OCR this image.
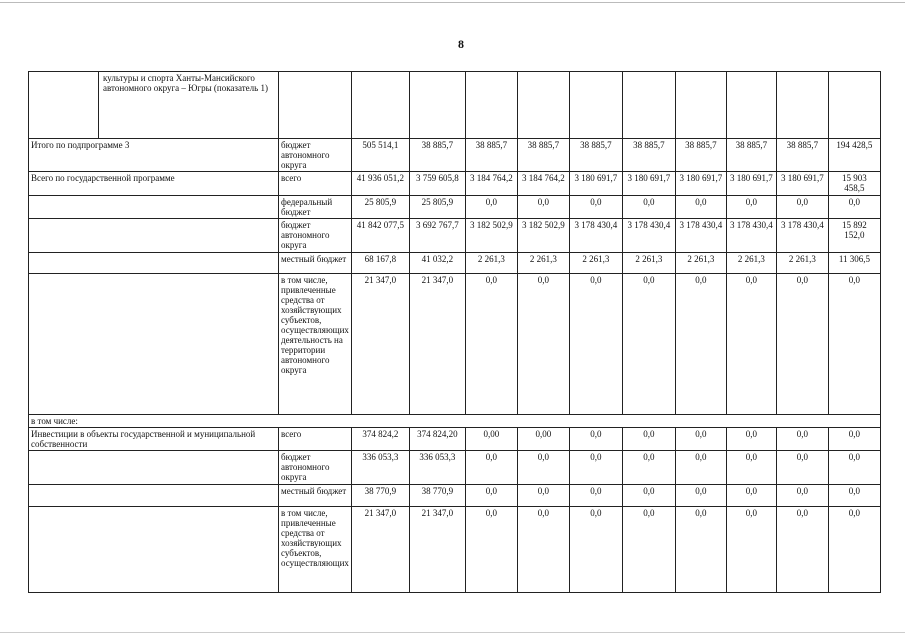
8
	культуры и спорта Ханты-Мансийского автономного округа – Югры (показатель 1)											
Итого по подпрограмме 3		бюджет автономного округа	505 514,1	38 885,7	38 885,7	38 885,7	38 885,7	38 885,7	38 885,7	38 885,7	38 885,7	194 428,5
Всего по государственной программе		всего	41 936 051,2	3 759 605,8	3 184 764,2	3 184 764,2	3 180 691,7	3 180 691,7	3 180 691,7	3 180 691,7	3 180 691,7	15 903 458,5
		федеральный бюджет	25 805,9	25 805,9	0,0	0,0	0,0	0,0	0,0	0,0	0,0	0,0
		бюджет автономного округа	41 842 077,5	3 692 767,7	3 182 502,9	3 182 502,9	3 178 430,4	3 178 430,4	3 178 430,4	3 178 430,4	3 178 430,4	15 892 152,0
		местный бюджет	68 167,8	41 032,2	2 261,3	2 261,3	2 261,3	2 261,3	2 261,3	2 261,3	2 261,3	11 306,5
		в том числе, привлеченные средства от хозяйствующих субъектов, осуществляющих деятельность на территории автономного округа	21 347,0	21 347,0	0,0	0,0	0,0	0,0	0,0	0,0	0,0	0,0
в том числе:												
Инвестиции в объекты государственной и муниципальной собственности		всего	374 824,2	374 824,20	0,00	0,00	0,0	0,0	0,0	0,0	0,0	0,0
		бюджет автономного округа	336 053,3	336 053,3	0,0	0,0	0,0	0,0	0,0	0,0	0,0	0,0
		местный бюджет	38 770,9	38 770,9	0,0	0,0	0,0	0,0	0,0	0,0	0,0	0,0
		в том числе, привлеченные средства от хозяйствующих субъектов, осуществляющих	21 347,0	21 347,0	0,0	0,0	0,0	0,0	0,0	0,0	0,0	0,0
